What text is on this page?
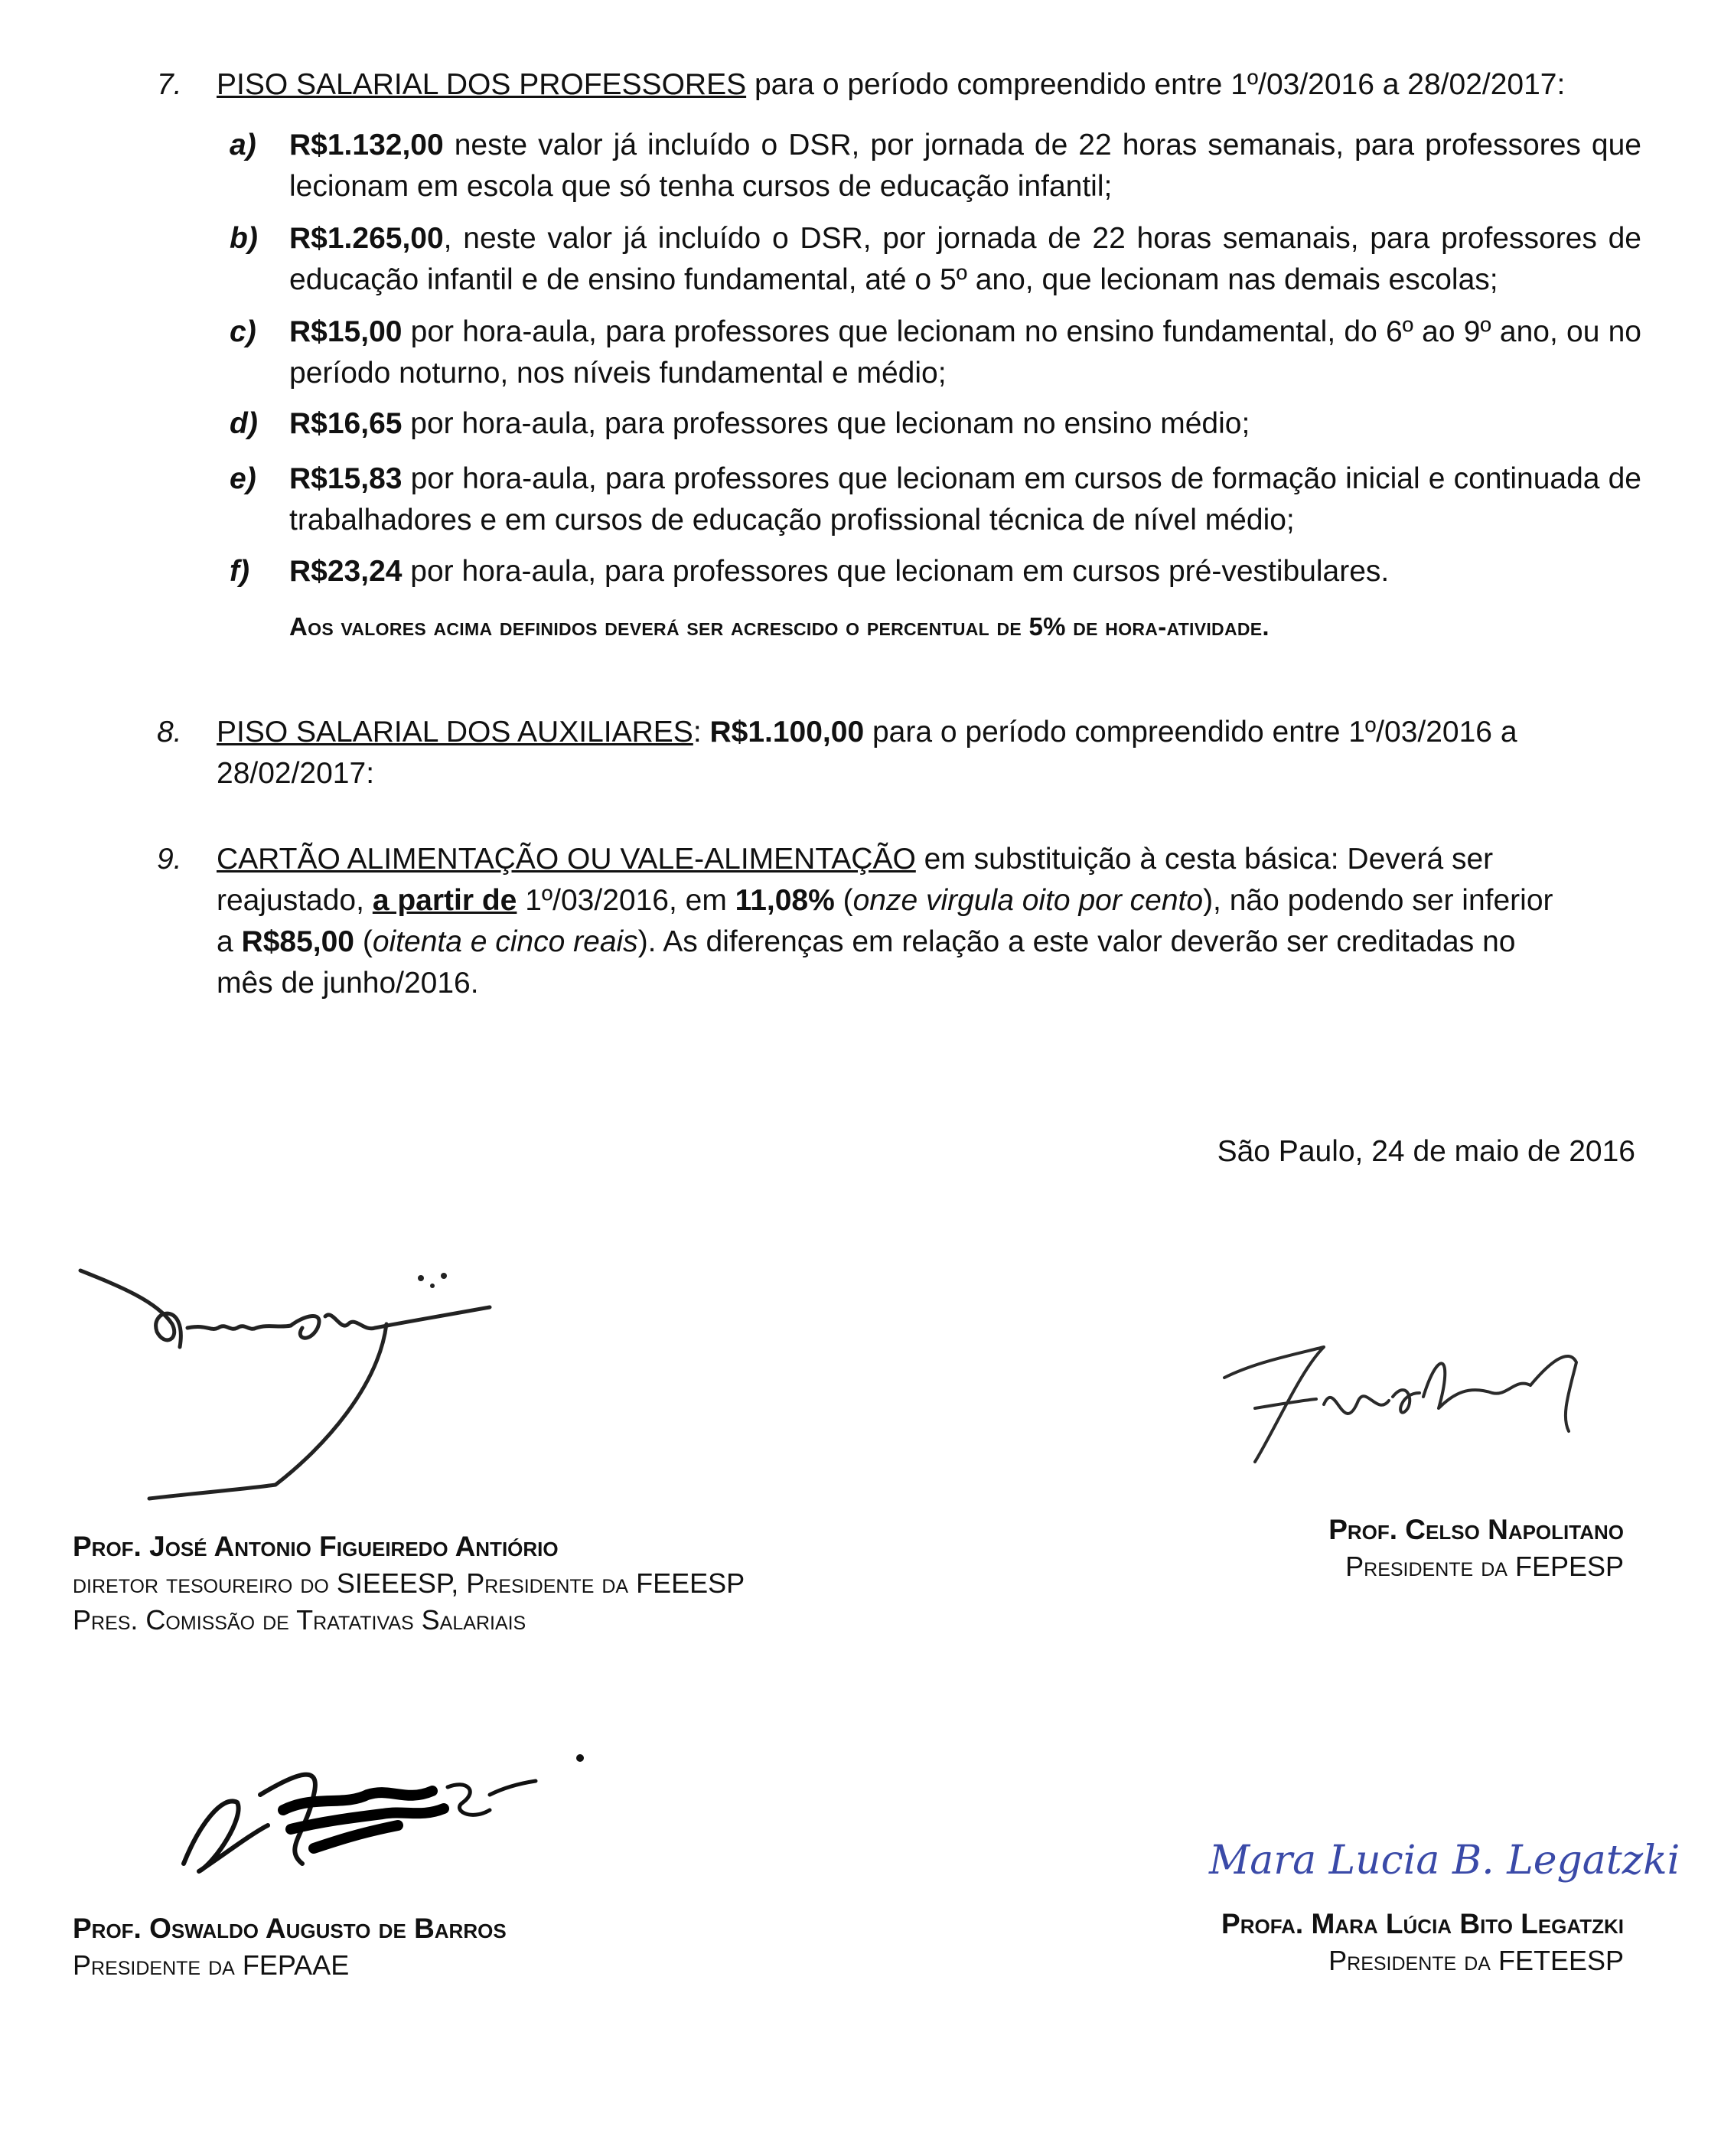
7.	PISO SALARIAL DOS PROFESSORES para o período compreendido entre 1º/03/2016 a 28/02/2017:
a)	R$1.132,00 neste valor já incluído o DSR, por jornada de 22 horas semanais, para professores que lecionam em escola que só tenha cursos de educação infantil;
b)	R$1.265,00, neste valor já incluído o DSR, por jornada de 22 horas semanais, para professores de educação infantil e de ensino fundamental, até o 5º ano, que lecionam nas demais escolas;
c)	R$15,00 por hora-aula, para professores que lecionam no ensino fundamental, do 6º ao 9º ano, ou no período noturno, nos níveis fundamental e médio;
d)	R$16,65 por hora-aula, para professores que lecionam no ensino médio;
e)	R$15,83 por hora-aula, para professores que lecionam em cursos de formação inicial e continuada de trabalhadores e em cursos de educação profissional técnica de nível médio;
f)	R$23,24 por hora-aula, para professores que lecionam em cursos pré-vestibulares.
Aos valores acima definidos deverá ser acrescido o percentual de 5% de hora-atividade.
8.	PISO SALARIAL DOS AUXILIARES: R$1.100,00 para o período compreendido entre 1º/03/2016 a 28/02/2017:
9.	CARTÃO ALIMENTAÇÃO OU VALE-ALIMENTAÇÃO em substituição à cesta básica: Deverá ser reajustado, a partir de 1º/03/2016, em 11,08% (onze virgula oito por cento), não podendo ser inferior a R$85,00 (oitenta e cinco reais). As diferenças em relação a este valor deverão ser creditadas no mês de junho/2016.
São Paulo, 24 de maio de 2016
Prof. José Antonio Figueiredo Antiório
diretor tesoureiro do SIEEESP, Presidente da FEEESP
Pres. Comissão de Tratativas Salariais
Prof. Celso Napolitano
Presidente da FEPESP
Mara Lucia B. Legatzki
Prof. Oswaldo Augusto de Barros
Presidente da FEPAAE
Profa. Mara Lúcia Bito Legatzki
Presidente da FETEESP
